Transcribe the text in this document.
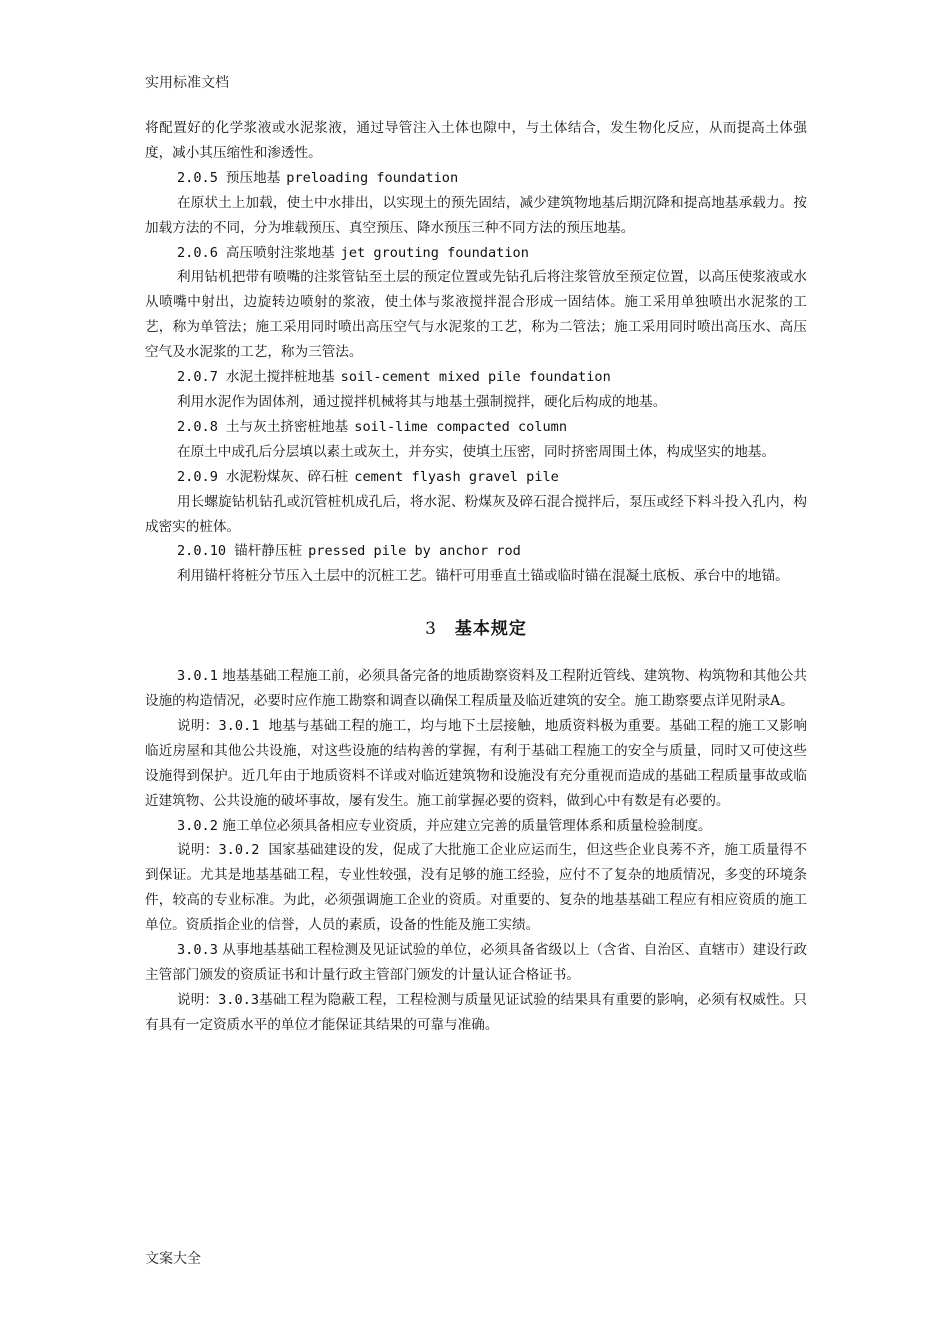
实用标准文档

将配置好的化学浆液或水泥浆液，通过导管注入土体也隙中，与土体结合，发生物化反应，从而提高土体强度，减小其压缩性和渗透性。

2.0.5 预压地基 preloading foundation

在原状土上加载，使土中水排出，以实现土的预先固结，减少建筑物地基后期沉降和提高地基承载力。按加载方法的不同，分为堆载预压、真空预压、降水预压三种不同方法的预压地基。

2.0.6 高压喷射注浆地基 jet grouting foundation

利用钻机把带有喷嘴的注浆管钻至土层的预定位置或先钻孔后将注浆管放至预定位置，以高压使浆液或水从喷嘴中射出，边旋转边喷射的浆液，使土体与浆液搅拌混合形成一固结体。施工采用单独喷出水泥浆的工艺，称为单管法；施工采用同时喷出高压空气与水泥浆的工艺，称为二管法；施工采用同时喷出高压水、高压空气及水泥浆的工艺，称为三管法。

2.0.7 水泥土搅拌桩地基 soil-cement mixed pile foundation

利用水泥作为固体剂，通过搅拌机械将其与地基土强制搅拌，硬化后构成的地基。

2.0.8 土与灰土挤密桩地基 soil-lime compacted column

在原土中成孔后分层填以素土或灰土，并夯实，使填土压密，同时挤密周围土体，构成坚实的地基。

2.0.9 水泥粉煤灰、碎石桩 cement flyash gravel pile

用长螺旋钻机钻孔或沉管桩机成孔后，将水泥、粉煤灰及碎石混合搅拌后，泵压或经下料斗投入孔内，构成密实的桩体。

2.0.10 锚杆静压桩 pressed pile by anchor rod

利用锚杆将桩分节压入土层中的沉桩工艺。锚杆可用垂直土锚或临时锚在混凝土底板、承台中的地锚。

3 基本规定

3.0.1 地基基础工程施工前，必须具备完备的地质勘察资料及工程附近管线、建筑物、构筑物和其他公共设施的构造情况，必要时应作施工勘察和调查以确保工程质量及临近建筑的安全。施工勘察要点详见附录A。

说明：3.0.1 地基与基础工程的施工，均与地下土层接触，地质资料极为重要。基础工程的施工又影响临近房屋和其他公共设施，对这些设施的结构善的掌握，有利于基础工程施工的安全与质量，同时又可使这些设施得到保护。近几年由于地质资料不详或对临近建筑物和设施没有充分重视而造成的基础工程质量事故或临近建筑物、公共设施的破坏事故，屡有发生。施工前掌握必要的资料，做到心中有数是有必要的。

3.0.2 施工单位必须具备相应专业资质，并应建立完善的质量管理体系和质量检验制度。

说明：3.0.2 国家基础建设的发，促成了大批施工企业应运而生，但这些企业良莠不齐，施工质量得不到保证。尤其是地基基础工程，专业性较强，没有足够的施工经验，应付不了复杂的地质情况，多变的环境条件，较高的专业标准。为此，必须强调施工企业的资质。对重要的、复杂的地基基础工程应有相应资质的施工单位。资质指企业的信誉，人员的素质，设备的性能及施工实绩。

3.0.3 从事地基基础工程检测及见证试验的单位，必须具备省级以上（含省、自治区、直辖市）建设行政主管部门颁发的资质证书和计量行政主管部门颁发的计量认证合格证书。

说明：3.0.3基础工程为隐蔽工程，工程检测与质量见证试验的结果具有重要的影响，必须有权威性。只有具有一定资质水平的单位才能保证其结果的可靠与准确。

文案大全
